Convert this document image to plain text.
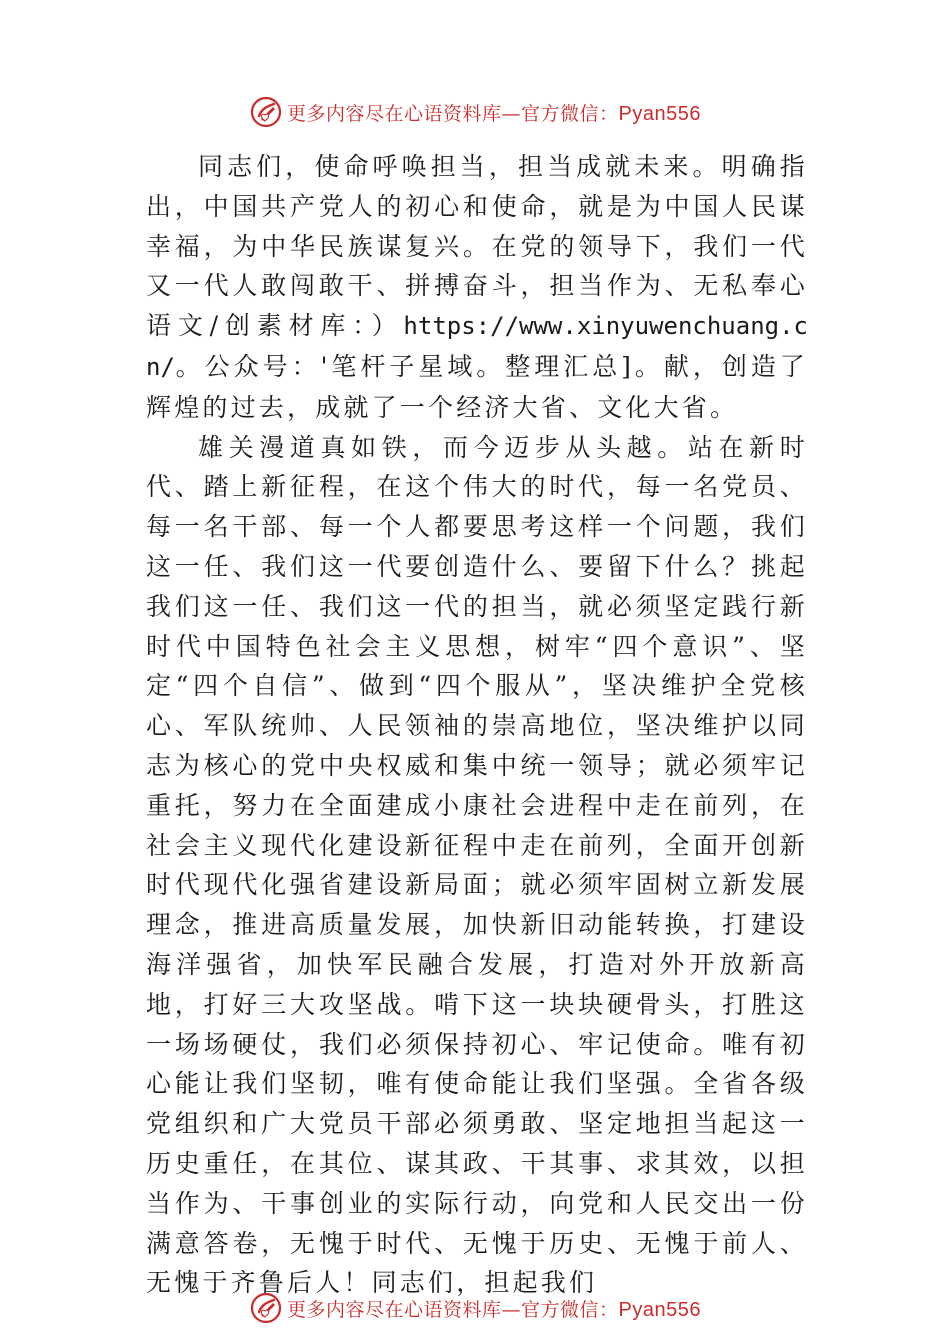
更多内容尽在心语资料库—官方微信：Pyan556

同志们，使命呼唤担当，担当成就未来。明确指出，中国共产党人的初心和使命，就是为中国人民谋幸福，为中华民族谋复兴。在党的领导下，我们一代又一代人敢闯敢干、拼搏奋斗，担当作为、无私奉心语文/创素材库：）https://www.xinyuwenchuang.cn/。公众号：'笔杆子星域。整理汇总]。献，创造了辉煌的过去，成就了一个经济大省、文化大省。

雄关漫道真如铁，而今迈步从头越。站在新时代、踏上新征程，在这个伟大的时代，每一名党员、每一名干部、每一个人都要思考这样一个问题，我们这一任、我们这一代要创造什么、要留下什么？挑起我们这一任、我们这一代的担当，就必须坚定践行新时代中国特色社会主义思想，树牢“四个意识”、坚定“四个自信”、做到“四个服从”，坚决维护全党核心、军队统帅、人民领袖的崇高地位，坚决维护以同志为核心的党中央权威和集中统一领导；就必须牢记重托，努力在全面建成小康社会进程中走在前列，在社会主义现代化建设新征程中走在前列，全面开创新时代现代化强省建设新局面；就必须牢固树立新发展理念，推进高质量发展，加快新旧动能转换，打建设海洋强省，加快军民融合发展，打造对外开放新高地，打好三大攻坚战。啃下这一块块硬骨头，打胜这一场场硬仗，我们必须保持初心、牢记使命。唯有初心能让我们坚韧，唯有使命能让我们坚强。全省各级党组织和广大党员干部必须勇敢、坚定地担当起这一历史重任，在其位、谋其政、干其事、求其效，以担当作为、干事创业的实际行动，向党和人民交出一份满意答卷，无愧于时代、无愧于历史、无愧于前人、无愧于齐鲁后人！同志们，担起我们

更多内容尽在心语资料库—官方微信：Pyan556
